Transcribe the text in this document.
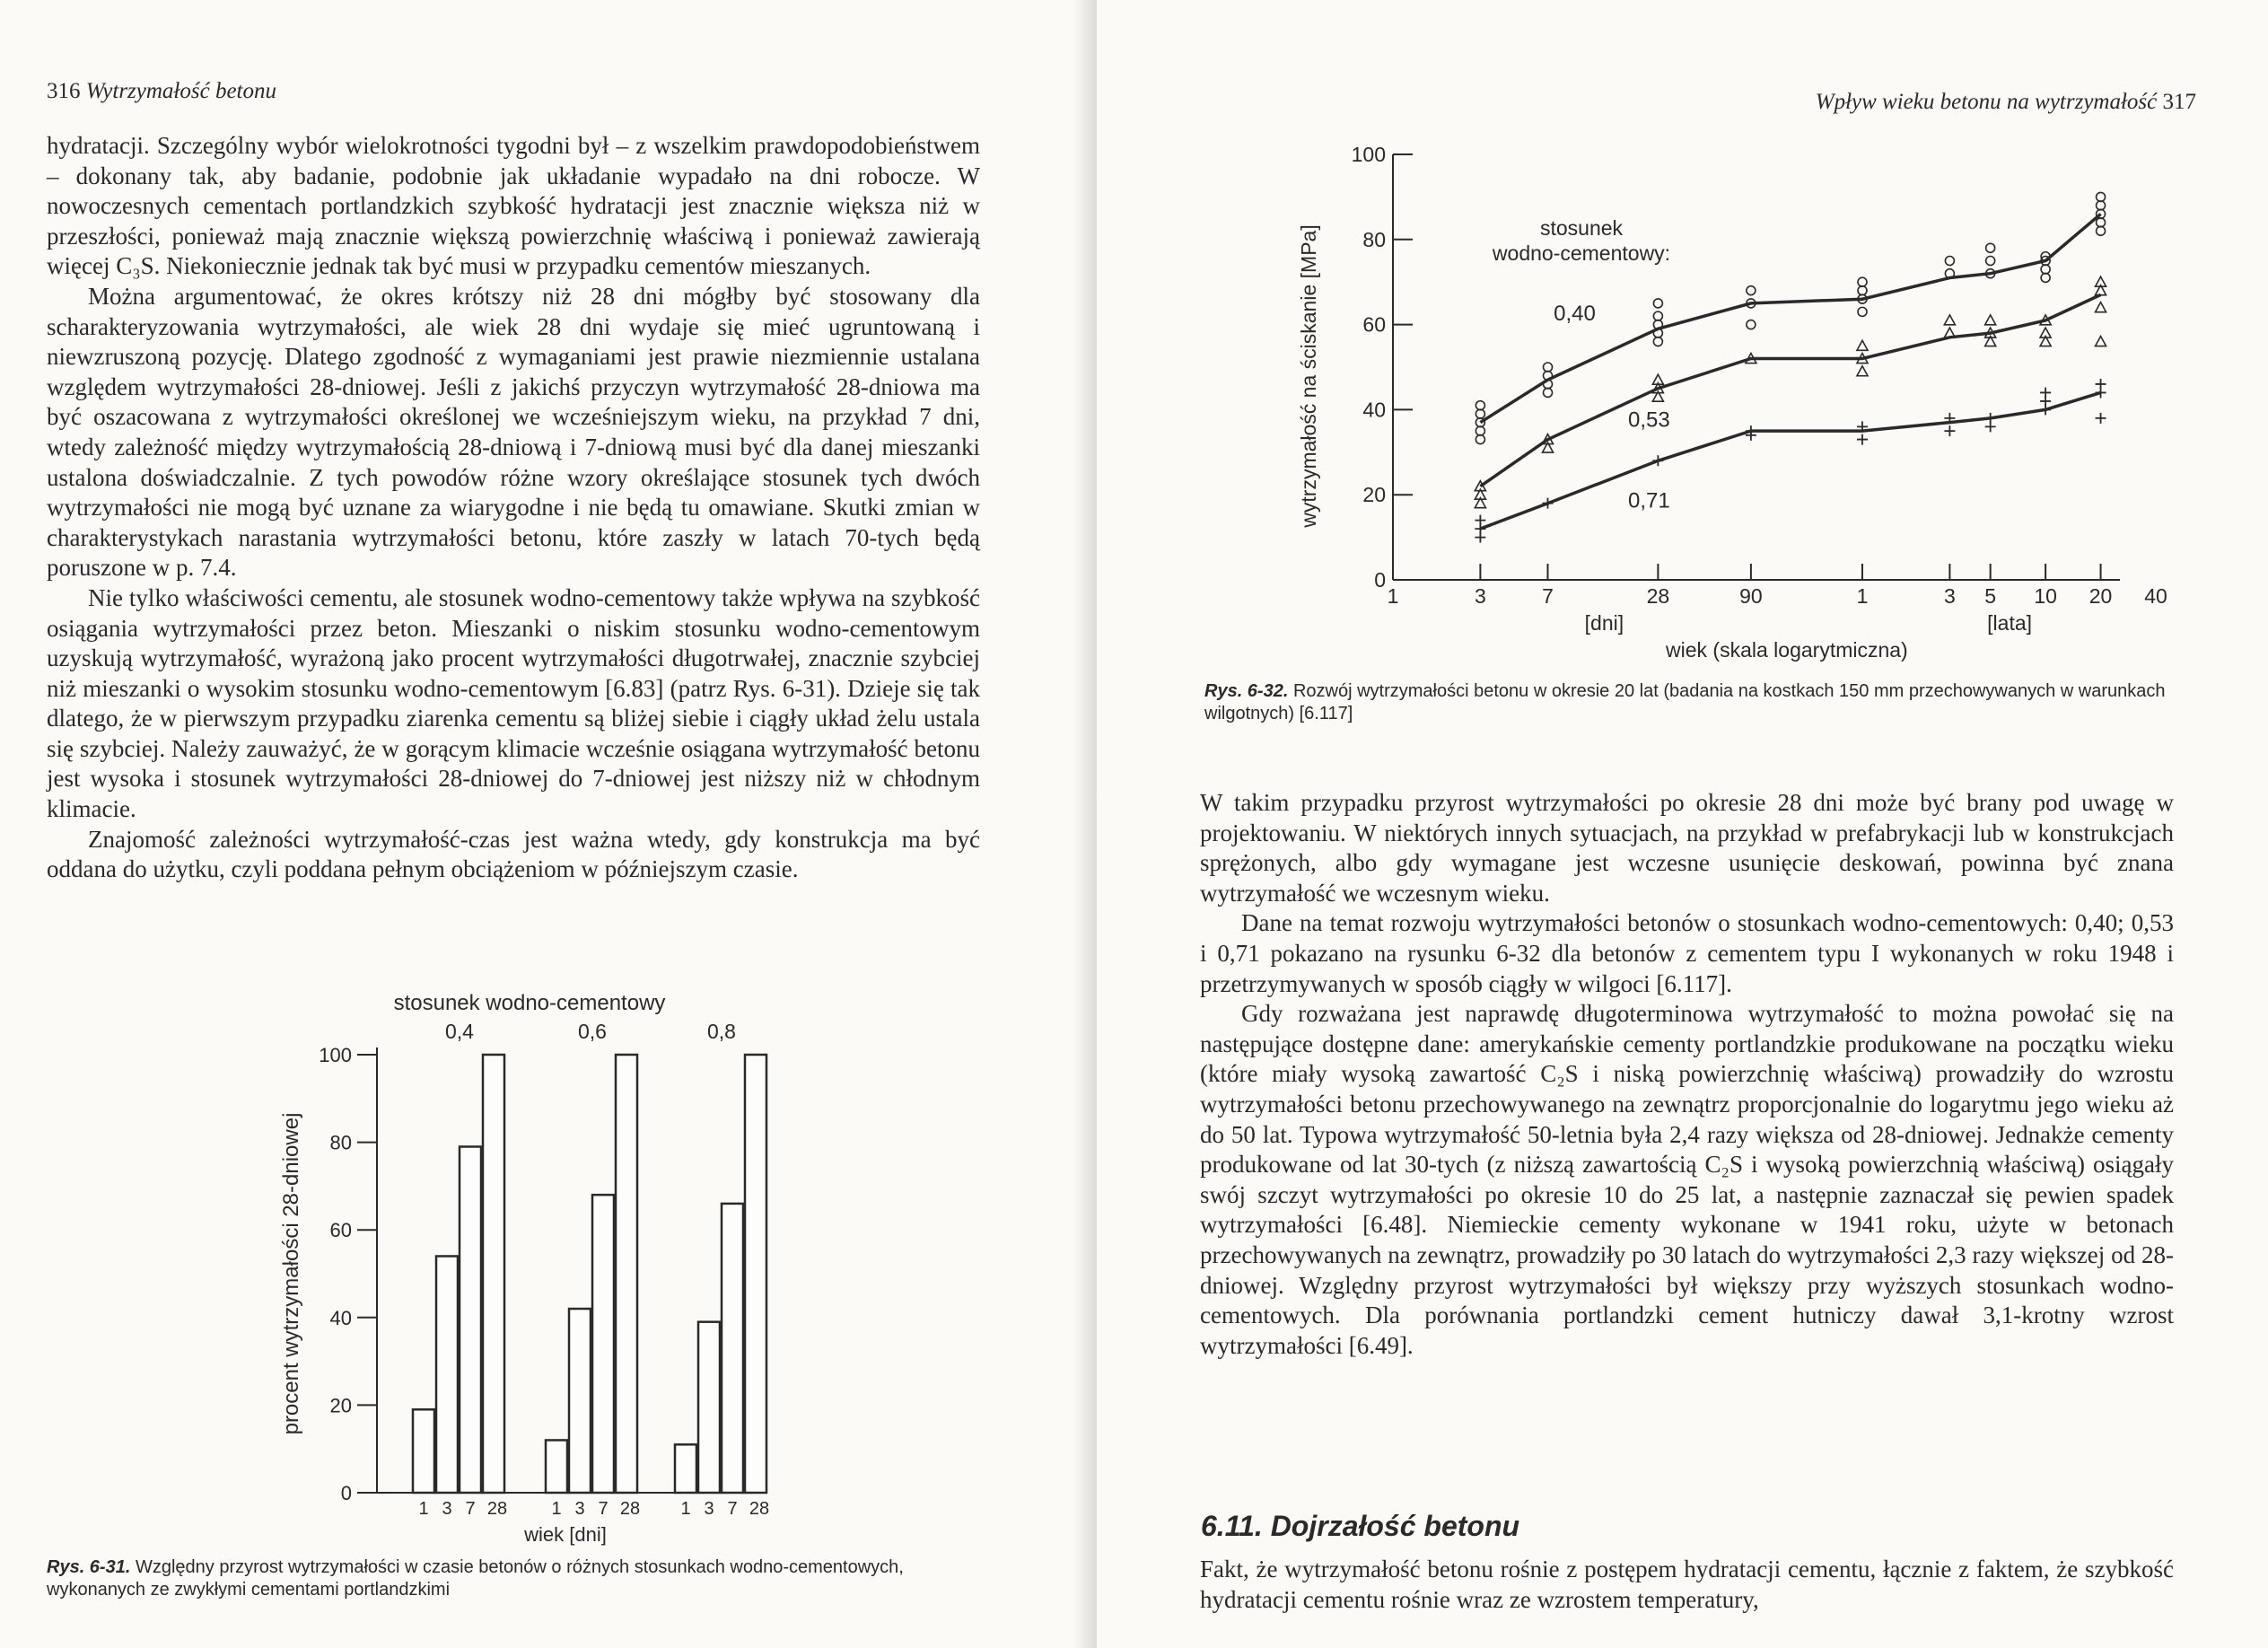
316 Wytrzymałość betonu

hydratacji. Szczególny wybór wielokrotności tygodni był – z wszelkim prawdopodobieństwem – dokonany tak, aby badanie, podobnie jak układanie wypadało na dni robocze. W nowoczesnych cementach portlandzkich szybkość hydratacji jest znacznie większa niż w przeszłości, ponieważ mają znacznie większą powierzchnię właściwą i ponieważ zawierają więcej C₃S. Niekoniecznie jednak tak być musi w przypadku cementów mieszanych.

Można argumentować, że okres krótszy niż 28 dni mógłby być stosowany dla scharakteryzowania wytrzymałości, ale wiek 28 dni wydaje się mieć ugruntowaną i niewzruszoną pozycję. Dlatego zgodność z wymaganiami jest prawie niezmiennie ustalana względem wytrzymałości 28-dniowej. Jeśli z jakichś przyczyn wytrzymałość 28-dniowa ma być oszacowana z wytrzymałości określonej we wcześniejszym wieku, na przykład 7 dni, wtedy zależność między wytrzymałością 28-dniową i 7-dniową musi być dla danej mieszanki ustalona doświadczalnie. Z tych powodów różne wzory określające stosunek tych dwóch wytrzymałości nie mogą być uznane za wiarygodne i nie będą tu omawiane. Skutki zmian w charakterystykach narastania wytrzymałości betonu, które zaszły w latach 70-tych będą poruszone w p. 7.4.

Nie tylko właściwości cementu, ale stosunek wodno-cementowy także wpływa na szybkość osiągania wytrzymałości przez beton. Mieszanki o niskim stosunku wodno-cementowym uzyskują wytrzymałość, wyrażoną jako procent wytrzymałości długotrwałej, znacznie szybciej niż mieszanki o wysokim stosunku wodno-cementowym [6.83] (patrz Rys. 6-31). Dzieje się tak dlatego, że w pierwszym przypadku ziarenka cementu są bliżej siebie i ciągły układ żelu ustala się szybciej. Należy zauważyć, że w gorącym klimacie wcześnie osiągana wytrzymałość betonu jest wysoka i stosunek wytrzymałości 28-dniowej do 7-dniowej jest niższy niż w chłodnym klimacie.

Znajomość zależności wytrzymałość-czas jest ważna wtedy, gdy konstrukcja ma być oddana do użytku, czyli poddana pełnym obciążeniom w późniejszym czasie.

stosunek wodno-cementowy
0
20
40
60
80
100
procent wytrzymałości 28-dniowej
0,4
1 3 7 28
0,6
1 3 7 28
0,8
1 3 7 28
wiek [dni]
Rys. 6-31. Względny przyrost wytrzymałości w czasie betonów o różnych stosunkach wodno-cementowych, wykonanych ze zwykłymi cementami portlandzkimi
Wpływ wieku betonu na wytrzymałość 317
0
20
40
60
80
100
wytrzymałość na ściskanie [MPa]
1	3	7	28	90	1	3 5 10 20 40
[dni]	[lata]
wiek (skala logarytmiczna)
stosunek
wodno-cementowy:
0,40
0,53
0,71
Rys. 6-32. Rozwój wytrzymałości betonu w okresie 20 lat (badania na kostkach 150 mm przechowywanych w warunkach wilgotnych) [6.117]

W takim przypadku przyrost wytrzymałości po okresie 28 dni może być brany pod uwagę w projektowaniu. W niektórych innych sytuacjach, na przykład w prefabrykacji lub w konstrukcjach sprężonych, albo gdy wymagane jest wczesne usunięcie deskowań, powinna być znana wytrzymałość we wczesnym wieku.

Dane na temat rozwoju wytrzymałości betonów o stosunkach wodno-cementowych: 0,40; 0,53 i 0,71 pokazano na rysunku 6-32 dla betonów z cementem typu I wykonanych w roku 1948 i przetrzymywanych w sposób ciągły w wilgoci [6.117].

Gdy rozważana jest naprawdę długoterminowa wytrzymałość to można powołać się na następujące dostępne dane: amerykańskie cementy portlandzkie produkowane na początku wieku (które miały wysoką zawartość C₂S i niską powierzchnię właściwą) prowadziły do wzrostu wytrzymałości betonu przechowywanego na zewnątrz proporcjonalnie do logarytmu jego wieku aż do 50 lat. Typowa wytrzymałość 50-letnia była 2,4 razy większa od 28-dniowej. Jednakże cementy produkowane od lat 30-tych (z niższą zawartością C₂S i wysoką powierzchnią właściwą) osiągały swój szczyt wytrzymałości po okresie 10 do 25 lat, a następnie zaznaczał się pewien spadek wytrzymałości [6.48]. Niemieckie cementy wykonane w 1941 roku, użyte w betonach przechowywanych na zewnątrz, prowadziły po 30 latach do wytrzymałości 2,3 razy większej od 28-dniowej. Względny przyrost wytrzymałości był większy przy wyższych stosunkach wodno-cementowych. Dla porównania portlandzki cement hutniczy dawał 3,1-krotny wzrost wytrzymałości [6.49].

6.11. Dojrzałość betonu

Fakt, że wytrzymałość betonu rośnie z postępem hydratacji cementu, łącznie z faktem, że szybkość hydratacji cementu rośnie wraz ze wzrostem temperatury,
